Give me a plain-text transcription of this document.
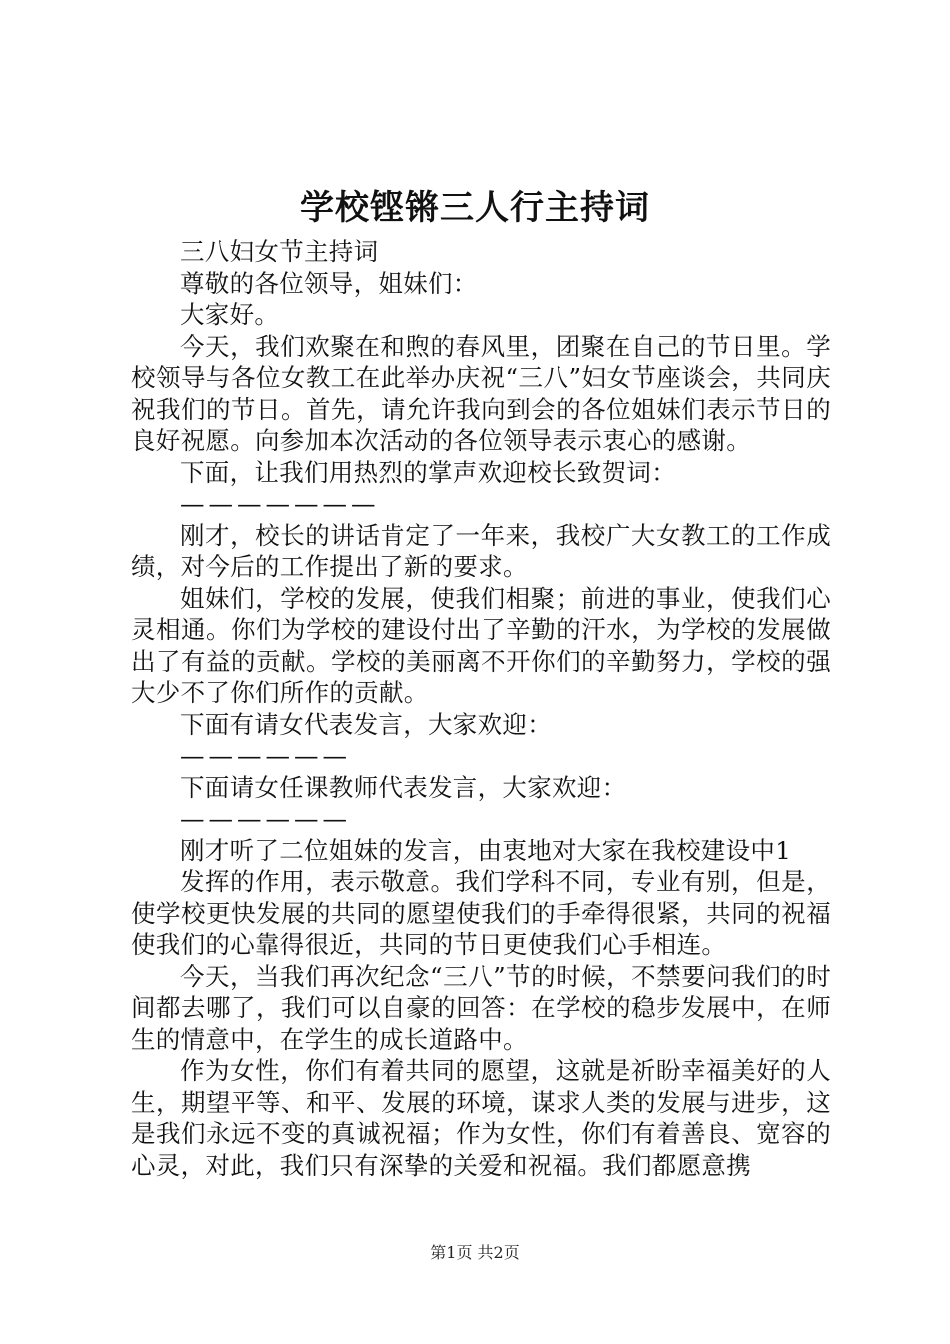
学校铿锵三人行主持词

三八妇女节主持词

尊敬的各位领导，姐妹们：

大家好。

今天，我们欢聚在和煦的春风里，团聚在自己的节日里。学校领导与各位女教工在此举办庆祝“三八”妇女节座谈会，共同庆祝我们的节日。首先，请允许我向到会的各位姐妹们表示节日的良好祝愿。向参加本次活动的各位领导表示衷心的感谢。

下面，让我们用热烈的掌声欢迎校长致贺词：

———————

刚才，校长的讲话肯定了一年来，我校广大女教工的工作成绩，对今后的工作提出了新的要求。

姐妹们，学校的发展，使我们相聚；前进的事业，使我们心灵相通。你们为学校的建设付出了辛勤的汗水，为学校的发展做出了有益的贡献。学校的美丽离不开你们的辛勤努力，学校的强大少不了你们所作的贡献。

下面有请女代表发言，大家欢迎：

——————

下面请女任课教师代表发言，大家欢迎：

——————

刚才听了二位姐妹的发言，由衷地对大家在我校建设中1

发挥的作用，表示敬意。我们学科不同，专业有别，但是，使学校更快发展的共同的愿望使我们的手牵得很紧，共同的祝福使我们的心靠得很近，共同的节日更使我们心手相连。

今天，当我们再次纪念“三八”节的时候，不禁要问我们的时间都去哪了，我们可以自豪的回答：在学校的稳步发展中，在师生的情意中，在学生的成长道路中。

作为女性，你们有着共同的愿望，这就是祈盼幸福美好的人生，期望平等、和平、发展的环境，谋求人类的发展与进步，这是我们永远不变的真诚祝福；作为女性，你们有着善良、宽容的心灵，对此，我们只有深挚的关爱和祝福。我们都愿意携

第1页 共2页
